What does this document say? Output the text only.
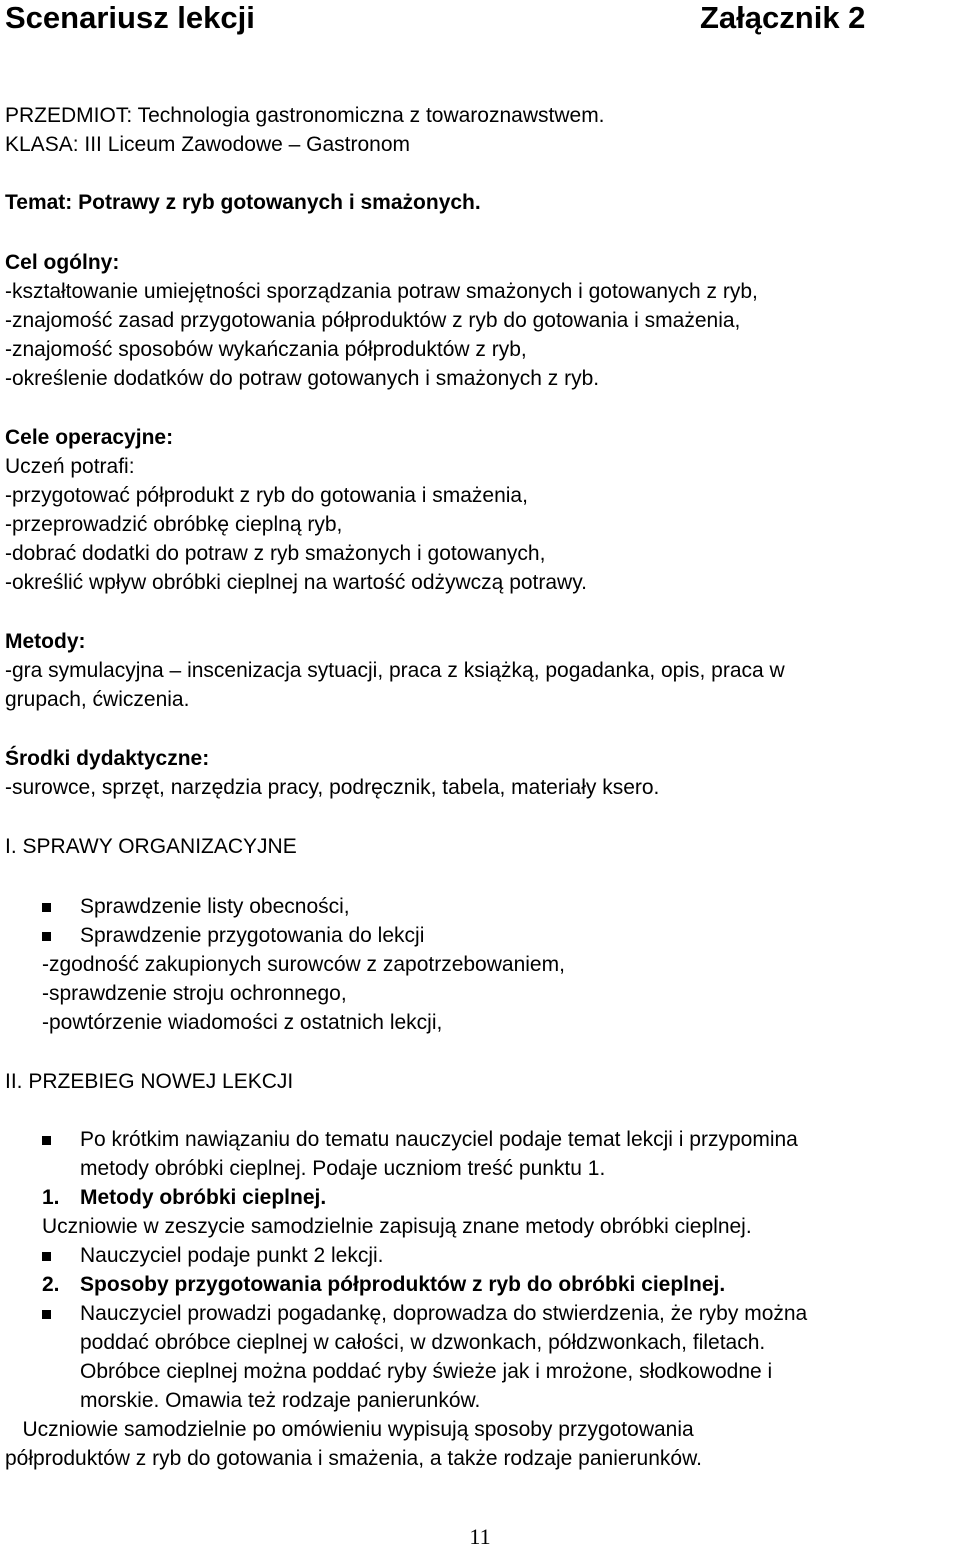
Scenariusz lekcji	Załącznik 2
PRZEDMIOT: Technologia gastronomiczna z towaroznawstwem.
KLASA: III Liceum Zawodowe – Gastronom
Temat: Potrawy z ryb gotowanych i smażonych.
Cel ogólny:
-kształtowanie umiejętności sporządzania potraw smażonych i gotowanych z ryb,
-znajomość zasad przygotowania półproduktów z ryb do gotowania i smażenia,
-znajomość sposobów wykańczania półproduktów z ryb,
-określenie dodatków do potraw gotowanych i smażonych z ryb.
Cele operacyjne:
Uczeń potrafi:
-przygotować półprodukt z ryb do gotowania i smażenia,
-przeprowadzić obróbkę cieplną ryb,
-dobrać dodatki do potraw z ryb smażonych i gotowanych,
-określić wpływ obróbki cieplnej na wartość odżywczą potrawy.
Metody:
-gra symulacyjna – inscenizacja sytuacji, praca z książką, pogadanka, opis, praca w
grupach, ćwiczenia.
Środki dydaktyczne:
-surowce, sprzęt, narzędzia pracy, podręcznik, tabela, materiały ksero.
I. SPRAWY ORGANIZACYJNE
Sprawdzenie listy obecności,
Sprawdzenie przygotowania do lekcji
-zgodność zakupionych surowców z zapotrzebowaniem,
-sprawdzenie stroju ochronnego,
-powtórzenie wiadomości z ostatnich lekcji,
II. PRZEBIEG NOWEJ LEKCJI
Po krótkim nawiązaniu do tematu nauczyciel podaje temat lekcji i przypomina
metody obróbki cieplnej. Podaje uczniom treść punktu 1.
1. Metody obróbki cieplnej.
Uczniowie w zeszycie samodzielnie zapisują znane metody obróbki cieplnej.
Nauczyciel podaje punkt 2 lekcji.
2. Sposoby przygotowania półproduktów z ryb do obróbki cieplnej.
Nauczyciel prowadzi pogadankę, doprowadza do stwierdzenia, że ryby można
poddać obróbce cieplnej w całości, w dzwonkach, półdzwonkach, filetach.
Obróbce cieplnej można poddać ryby świeże jak i mrożone, słodkowodne i
morskie. Omawia też rodzaje panierunków.
Uczniowie samodzielnie po omówieniu wypisują sposoby przygotowania
półproduktów z ryb do gotowania i smażenia, a także rodzaje panierunków.
11
